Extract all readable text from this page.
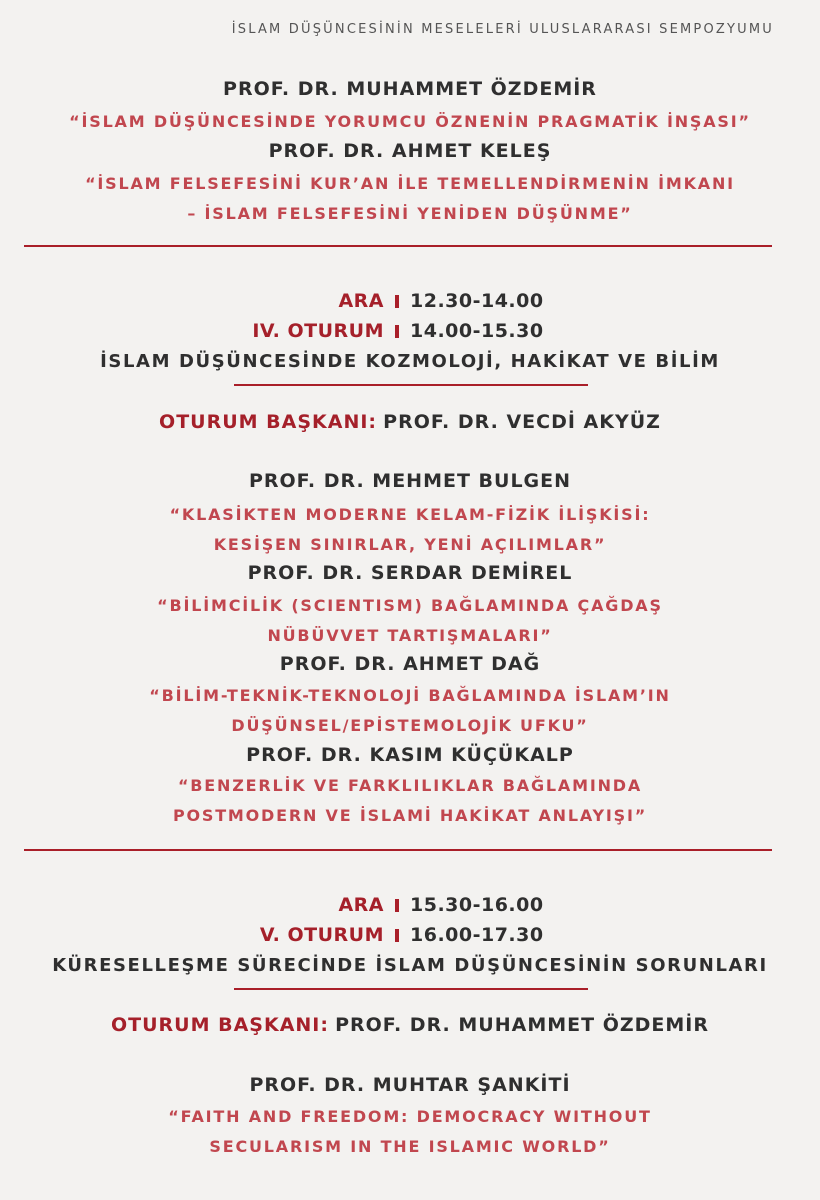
İSLAM DÜŞÜNCESİNİN MESELELERİ ULUSLARARASI SEMPOZYUMU
PROF. DR. MUHAMMET ÖZDEMİR
“İSLAM DÜŞÜNCESİNDE YORUMCU ÖZNENİN PRAGMATİK İNŞASI”
PROF. DR. AHMET KELEŞ
“İSLAM FELSEFESİNİ KUR’AN İLE TEMELLENDİRMENİN İMKANI
– İSLAM FELSEFESİNİ YENİDEN DÜŞÜNME”
ARA 12.30-14.00
IV. OTURUM 14.00-15.30
İSLAM DÜŞÜNCESİNDE KOZMOLOJİ, HAKİKAT VE BİLİM
OTURUM BAŞKANI: PROF. DR. VECDİ AKYÜZ
PROF. DR. MEHMET BULGEN
“KLASİKTEN MODERNE KELAM-FİZİK İLİŞKİSİ:
KESİŞEN SINIRLAR, YENİ AÇILIMLAR”
PROF. DR. SERDAR DEMİREL
“BİLİMCİLİK (SCIENTISM) BAĞLAMINDA ÇAĞDAŞ
NÜBÜVVET TARTIŞMALARI”
PROF. DR. AHMET DAĞ
“BİLİM-TEKNİK-TEKNOLOJİ BAĞLAMINDA İSLAM’IN
DÜŞÜNSEL/EPİSTEMOLOJİK UFKU”
PROF. DR. KASIM KÜÇÜKALP
“BENZERLİK VE FARKLILIKLAR BAĞLAMINDA
POSTMODERN VE İSLAMİ HAKİKAT ANLAYIŞI”
ARA 15.30-16.00
V. OTURUM 16.00-17.30
KÜRESELLEŞME SÜRECİNDE İSLAM DÜŞÜNCESİNİN SORUNLARI
OTURUM BAŞKANI: PROF. DR. MUHAMMET ÖZDEMİR
PROF. DR. MUHTAR ŞANKİTİ
“FAITH AND FREEDOM: DEMOCRACY WITHOUT
SECULARISM IN THE ISLAMIC WORLD”
